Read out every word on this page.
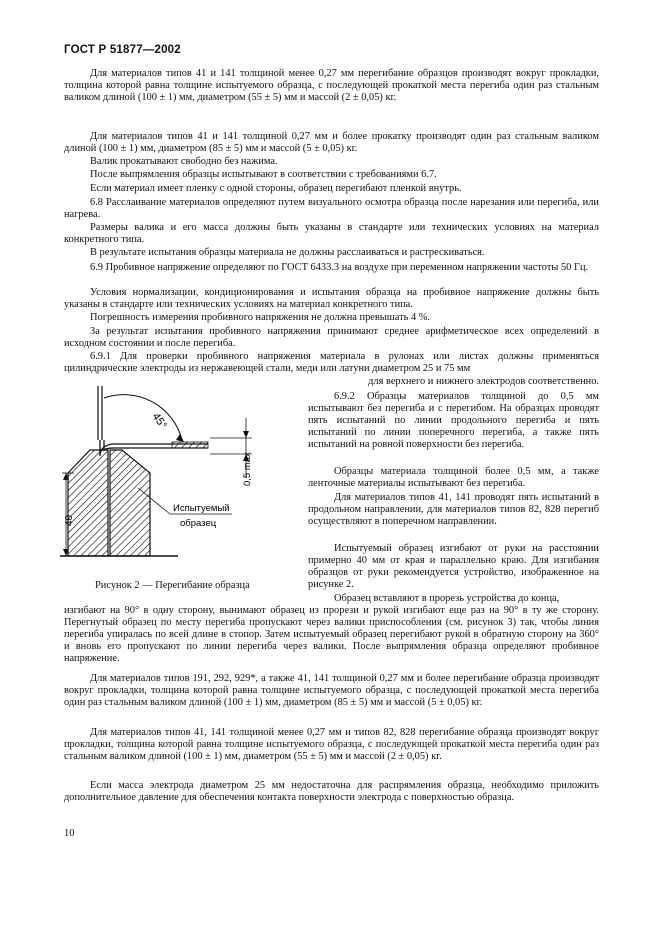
ГОСТ Р 51877—2002

Для материалов типов 41 и 141 толщиной менее 0,27 мм перегибание образцов производят вокруг прокладки, толщина которой равна толщине испытуемого образца, с последующей прокаткой места перегиба один раз стальным валиком длиной (100 ± 1) мм, диаметром (55 ± 5) мм и массой (2 ± 0,05) кг.

Для материалов типов 41 и 141 толщиной 0,27 мм и более прокатку производят один раз стальным валиком длиной (100 ± 1) мм, диаметром (85 ± 5) мм и массой (5 ± 0,05) кг.

Валик прокатывают свободно без нажима.

После выпрямления образцы испытывают в соответствии с требованиями 6.7.

Если материал имеет пленку с одной стороны, образец перегибают пленкой внутрь.

6.8 Расслаивание материалов определяют путем визуального осмотра образца после нарезания или перегиба, или нагрева.

Размеры валика и его масса должны быть указаны в стандарте или технических условиях на материал конкретного типа.

В результате испытания образцы материала не должны расслаиваться и растрескиваться.

6.9 Пробивное напряжение определяют по ГОСТ 6433.3 на воздухе при переменном напряжении частоты 50 Гц.

Условия нормализации, кондиционирования и испытания образца на пробивное напряжение должны быть указаны в стандарте или технических условиях на материал конкретного типа.

Погрешность измерения пробивного напряжения не должна превышать 4 %.

За результат испытания пробивного напряжения принимают среднее арифметическое всех определений в исходном состоянии и после перегиба.

6.9.1 Для проверки пробивного напряжения материала в рулонах или листах должны применяться цилиндрические электроды из нержавеющей стали, меди или латуни диаметром 25 и 75 мм

для верхнего и нижнего электродов соответственно.

6.9.2 Образцы материалов толщиной до 0,5 мм испытывают без перегиба и с перегибом. На образцах проводят пять испытаний по линии продольного перегиба и пять испытаний по линии поперечного перегиба, а также пять испытаний на ровной поверхности без перегиба.

Образцы материала толщиной более 0,5 мм, а также ленточные материалы испытывают без перегиба.

Для материалов типов 41, 141 проводят пять испытаний в продольном направлении, для материалов типов 82, 828 перегиб осуществляют в поперечном направлении.

Испытуемый образец изгибают от руки на расстоянии примерно 40 мм от края и параллельно краю. Для изгибания образцов от руки рекомендуется устройство, изображенное на рисунке 2.

Образец вставляют в прорезь устройства до конца,

45°
40
0,5 max
Испытуемый
образец
Рисунок 2 — Перегибание образца

изгибают на 90° в одну сторону, вынимают образец из прорези и рукой изгибают еще раз на 90° в ту же сторону. Перегнутый образец по месту перегиба пропускают через валики приспособления (см. рисунок 3) так, чтобы линия перегиба упиралась по всей длине в стопор. Затем испытуемый образец перегибают рукой в обратную сторону на 360° и вновь его пропускают по линии перегиба через валики. После выпрямления образца определяют пробивное напряжение.

Для материалов типов 191, 292, 929*, а также 41, 141 толщиной 0,27 мм и более перегибание образца производят вокруг прокладки, толщина которой равна толщине испытуемого образца, с последующей прокаткой места перегиба один раз стальным валиком длиной (100 ± 1) мм, диаметром (85 ± 5) мм и массой (5 ± 0,05) кг.

Для материалов типов 41, 141 толщиной менее 0,27 мм и типов 82, 828 перегибание образца производят вокруг прокладки, толщина которой равна толщине испытуемого образца, с последующей прокаткой места перегиба один раз стальным валиком длиной (100 ± 1) мм, диаметром (55 ± 5) мм и массой (2 ± 0,05) кг.

Если масса электрода диаметром 25 мм недостаточна для распрямления образца, необходимо приложить дополнительное давление для обеспечения контакта поверхности электрода с поверхностью образца.

10
